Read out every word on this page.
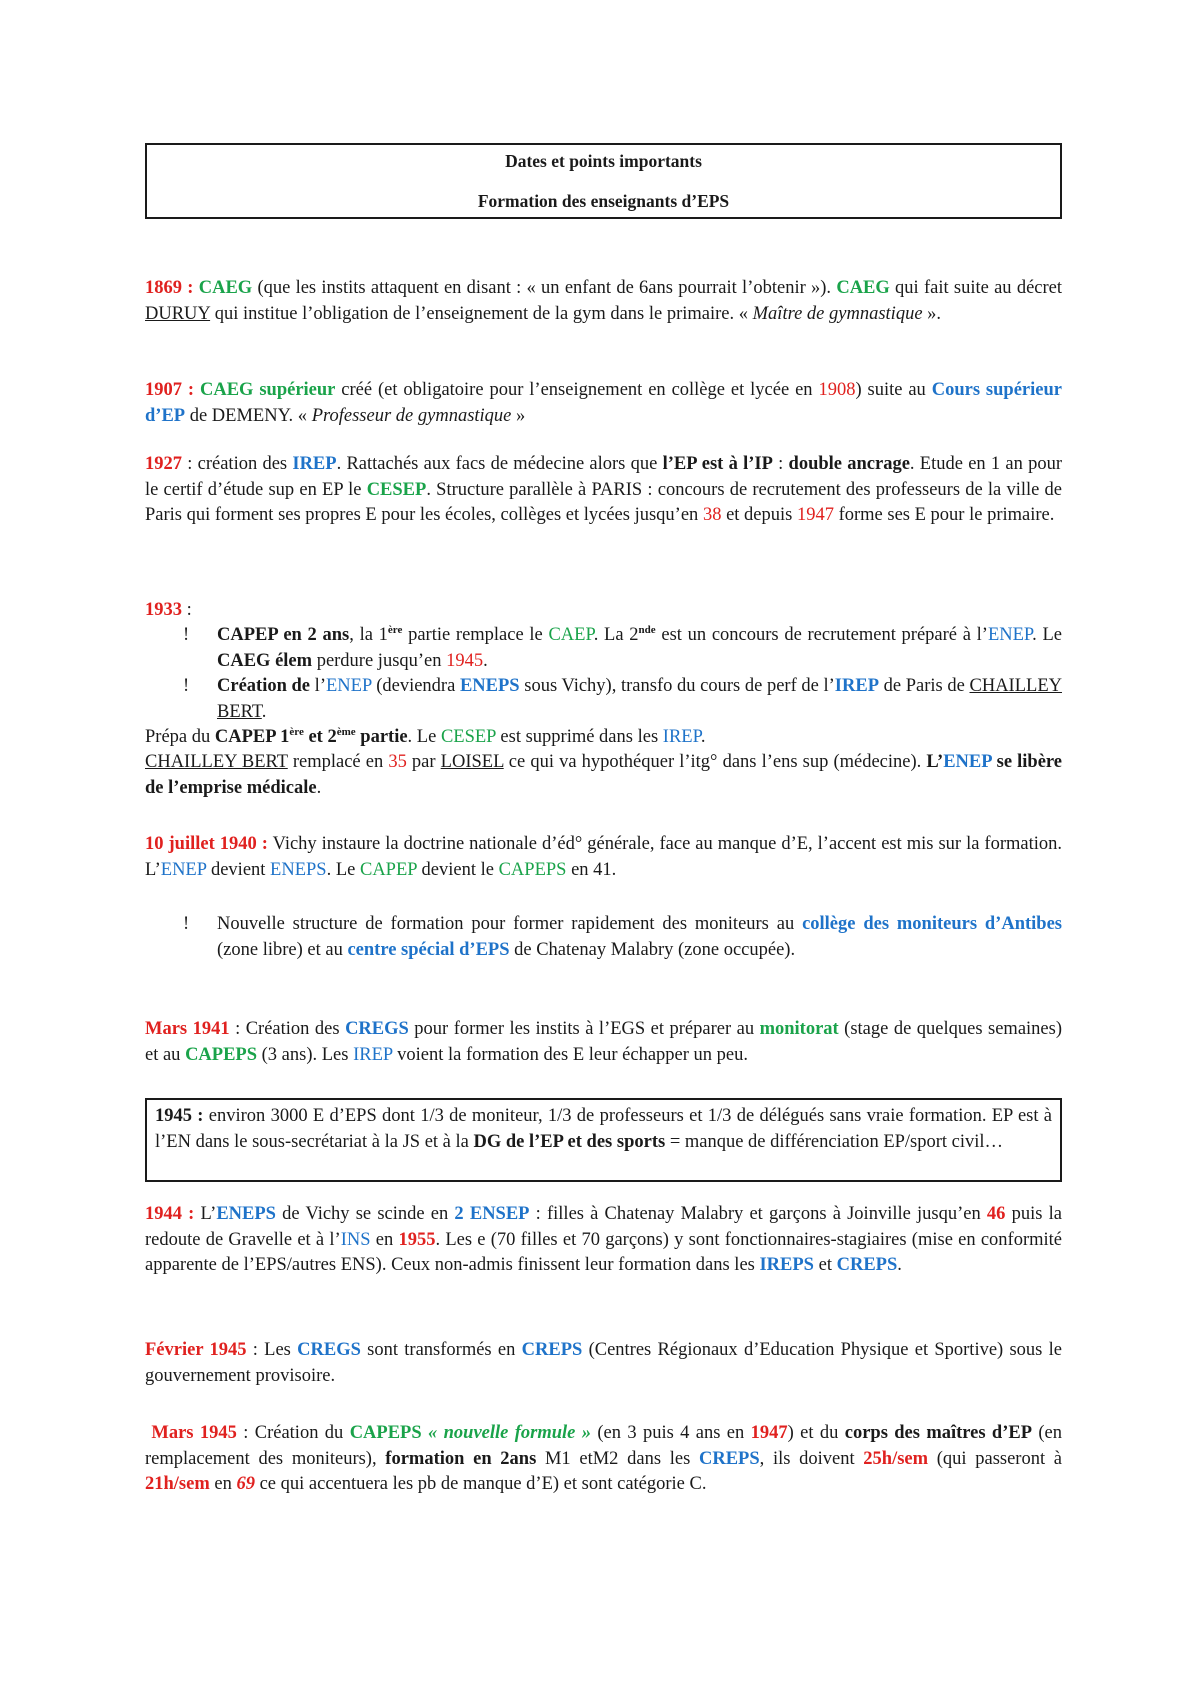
Dates et points importants
Formation des enseignants d’EPS
1869 : CAEG (que les instits attaquent en disant : « un enfant de 6ans pourrait l’obtenir »). CAEG qui fait suite au décret DURUY qui institue l’obligation de l’enseignement de la gym dans le primaire. « Maître de gymnastique ».
1907 : CAEG supérieur créé (et obligatoire pour l’enseignement en collège et lycée en 1908) suite au Cours supérieur d’EP de DEMENY. « Professeur de gymnastique »
1927 : création des IREP. Rattachés aux facs de médecine alors que l’EP est à l’IP : double ancrage. Etude en 1 an pour le certif d’étude sup en EP le CESEP. Structure parallèle à PARIS : concours de recrutement des professeurs de la ville de Paris qui forment ses propres E pour les écoles, collèges et lycées jusqu’en 38 et depuis 1947 forme ses E pour le primaire.
1933 :
! CAPEP en 2 ans, la 1ère partie remplace le CAEP. La 2nde est un concours de recrutement préparé à l’ENEP. Le CAEG élem perdure jusqu’en 1945.
! Création de l’ENEP (deviendra ENEPS sous Vichy), transfo du cours de perf de l’IREP de Paris de CHAILLEY BERT.
Prépa du CAPEP 1ère et 2ème partie. Le CESEP est supprimé dans les IREP.
CHAILLEY BERT remplacé en 35 par LOISEL ce qui va hypothéquer l’itg° dans l’ens sup (médecine). L’ENEP se libère de l’emprise médicale.
10 juillet 1940 : Vichy instaure la doctrine nationale d’éd° générale, face au manque d’E, l’accent est mis sur la formation. L’ENEP devient ENEPS. Le CAPEP devient le CAPEPS en 41.
! Nouvelle structure de formation pour former rapidement des moniteurs au collège des moniteurs d’Antibes (zone libre) et au centre spécial d’EPS de Chatenay Malabry (zone occupée).
Mars 1941 : Création des CREGS pour former les instits à l’EGS et préparer au monitorat (stage de quelques semaines) et au CAPEPS (3 ans). Les IREP voient la formation des E leur échapper un peu.
1945 : environ 3000 E d’EPS dont 1/3 de moniteur, 1/3 de professeurs et 1/3 de délégués sans vraie formation. EP est à l’EN dans le sous-secrétariat à la JS et à la DG de l’EP et des sports = manque de différenciation EP/sport civil…
1944 : L’ENEPS de Vichy se scinde en 2 ENSEP : filles à Chatenay Malabry et garçons à Joinville jusqu’en 46 puis la redoute de Gravelle et à l’INS en 1955. Les e (70 filles et 70 garçons) y sont fonctionnaires-stagiaires (mise en conformité apparente de l’EPS/autres ENS). Ceux non-admis finissent leur formation dans les IREPS et CREPS.
Février 1945 : Les CREGS sont transformés en CREPS (Centres Régionaux d’Education Physique et Sportive) sous le gouvernement provisoire.
Mars 1945 : Création du CAPEPS « nouvelle formule » (en 3 puis 4 ans en 1947) et du corps des maîtres d’EP (en remplacement des moniteurs), formation en 2ans M1 etM2 dans les CREPS, ils doivent 25h/sem (qui passeront à 21h/sem en 69 ce qui accentuera les pb de manque d’E) et sont catégorie C.
